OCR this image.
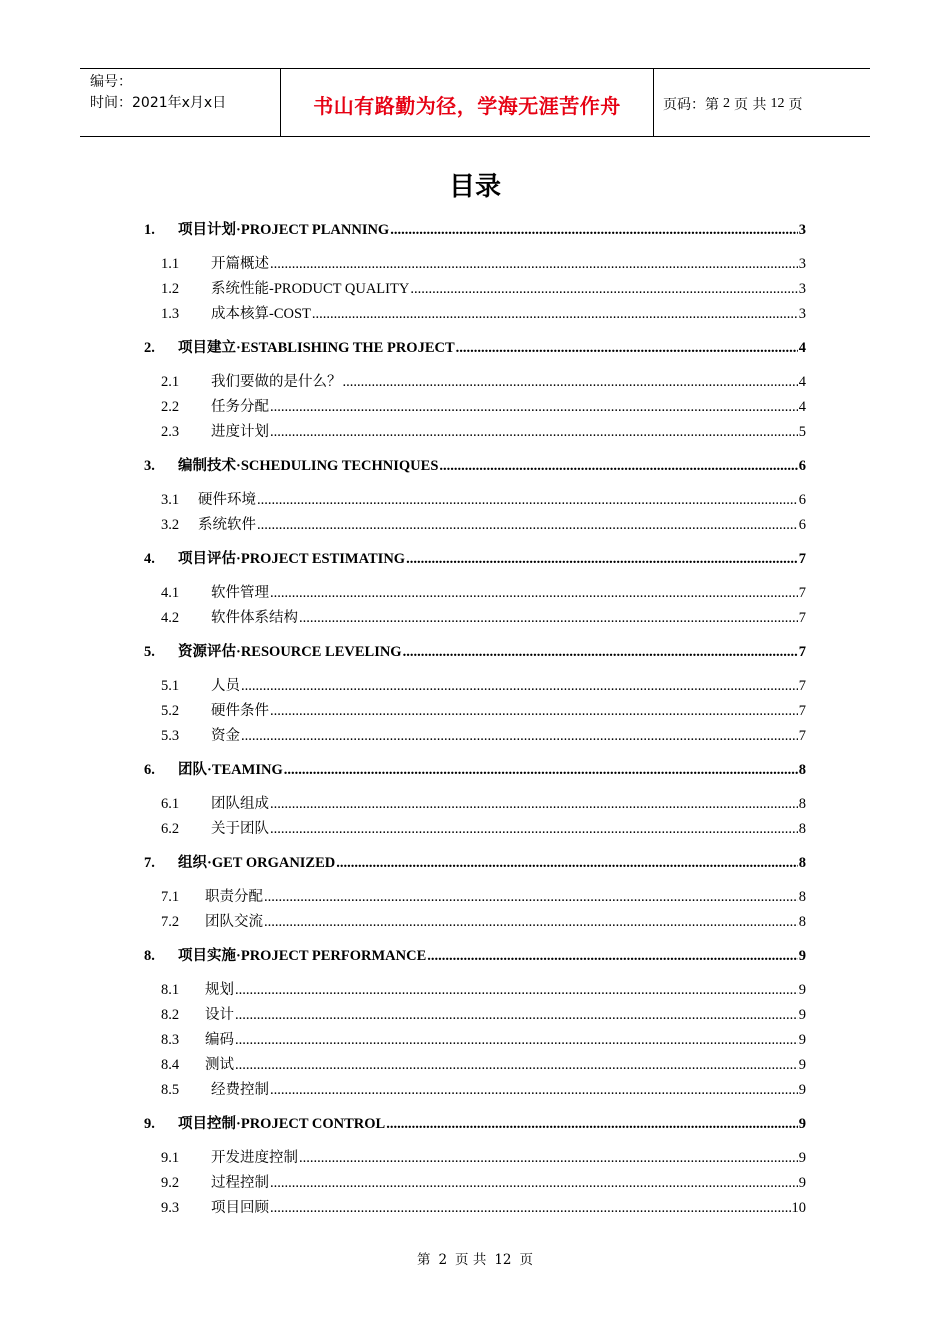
编号：
时间：2021年x月x日	书山有路勤为径，学海无涯苦作舟	页码：第 2 页 共 12 页
目录
1.	项目计划·PROJECT PLANNING .....	3
1.1	开篇概述 .....	3
1.2	系统性能-PRODUCT QUALITY .....	3
1.3	成本核算-COST .....	3
2.	项目建立·ESTABLISHING THE PROJECT .....	4
2.1	我们要做的是什么？ .....	4
2.2	任务分配 .....	4
2.3	进度计划 .....	5
3.	编制技术·SCHEDULING TECHNIQUES .....	6
3.1	硬件环境 .....	6
3.2	系统软件 .....	6
4.	项目评估·PROJECT ESTIMATING .....	7
4.1	软件管理 .....	7
4.2	软件体系结构 .....	7
5.	资源评估·RESOURCE LEVELING .....	7
5.1	人员 .....	7
5.2	硬件条件 .....	7
5.3	资金 .....	7
6.	团队·TEAMING .....	8
6.1	团队组成 .....	8
6.2	关于团队 .....	8
7.	组织·GET ORGANIZED .....	8
7.1	职责分配 .....	8
7.2	团队交流 .....	8
8.	项目实施·PROJECT PERFORMANCE .....	9
8.1	规划 .....	9
8.2	设计 .....	9
8.3	编码 .....	9
8.4	测试 .....	9
8.5	经费控制 .....	9
9.	项目控制·PROJECT CONTROL .....	9
9.1	开发进度控制 .....	9
9.2	过程控制 .....	9
9.3	项目回顾 .....	10
第 2 页 共 12 页
